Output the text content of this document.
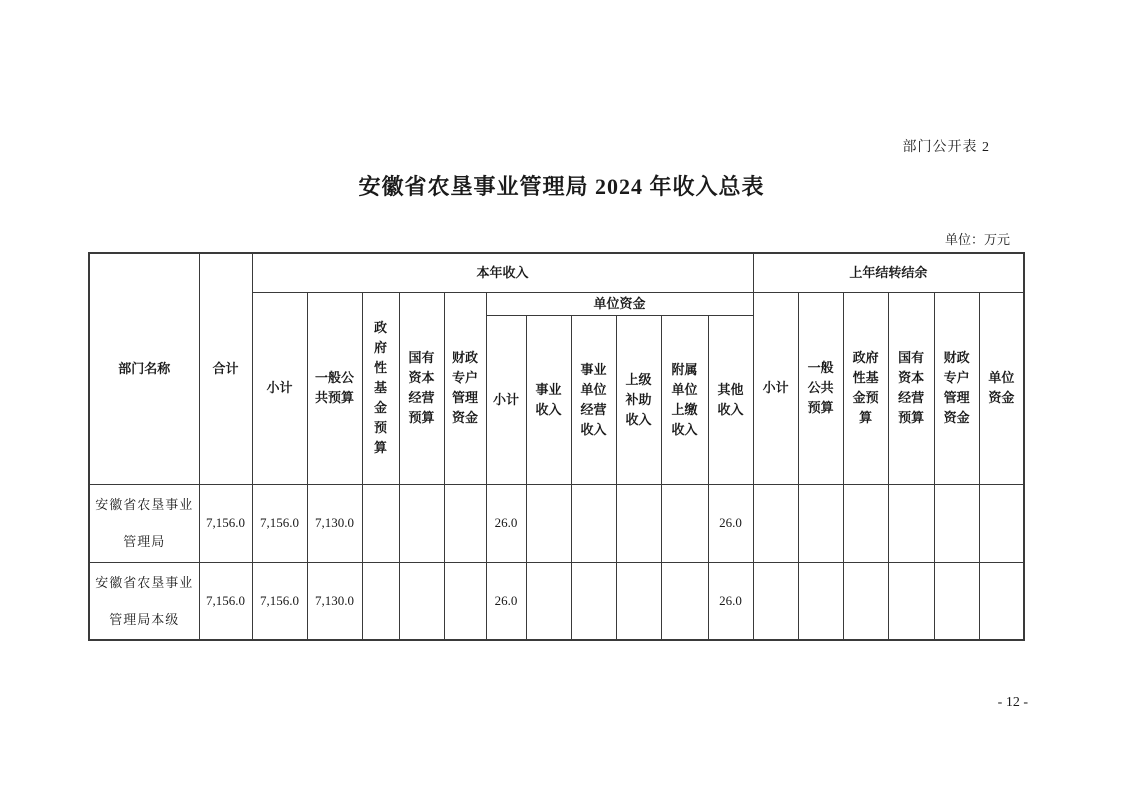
部门公开表 2
安徽省农垦事业管理局 2024 年收入总表
单位：万元
部门名称	合计	本年收入											上年结转结余					
		小计	一般公共预算	政府性基金预算	国有资本经营预算	财政专户管理资金	单位资金						小计	一般公共预算	政府性基金预算	国有资本经营预算	财政专户管理资金	单位资金
							小计	事业收入	事业单位经营收入	上级补助收入	附属单位上缴收入	其他收入						
安徽省农垦事业管理局	7,156.0	7,156.0	7,130.0				26.0					26.0						
安徽省农垦事业管理局本级	7,156.0	7,156.0	7,130.0				26.0					26.0						
- 12 -
